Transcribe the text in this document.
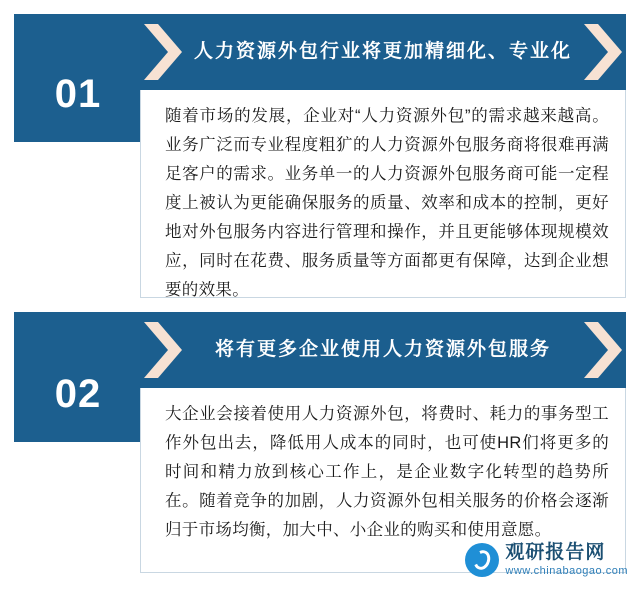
01
人力资源外包行业将更加精细化、专业化
随着市场的发展，企业对“人力资源外包”的需求越来越高。业务广泛而专业程度粗犷的人力资源外包服务商将很难再满足客户的需求。业务单一的人力资源外包服务商可能一定程度上被认为更能确保服务的质量、效率和成本的控制，更好地对外包服务内容进行管理和操作，并且更能够体现规模效应，同时在花费、服务质量等方面都更有保障，达到企业想要的效果。
02
将有更多企业使用人力资源外包服务
大企业会接着使用人力资源外包，将费时、耗力的事务型工作外包出去，降低用人成本的同时，也可使HR们将更多的时间和精力放到核心工作上，是企业数字化转型的趋势所在。随着竞争的加剧，人力资源外包相关服务的价格会逐渐归于市场均衡，加大中、小企业的购买和使用意愿。
观研报告网
www.chinabaogao.com
